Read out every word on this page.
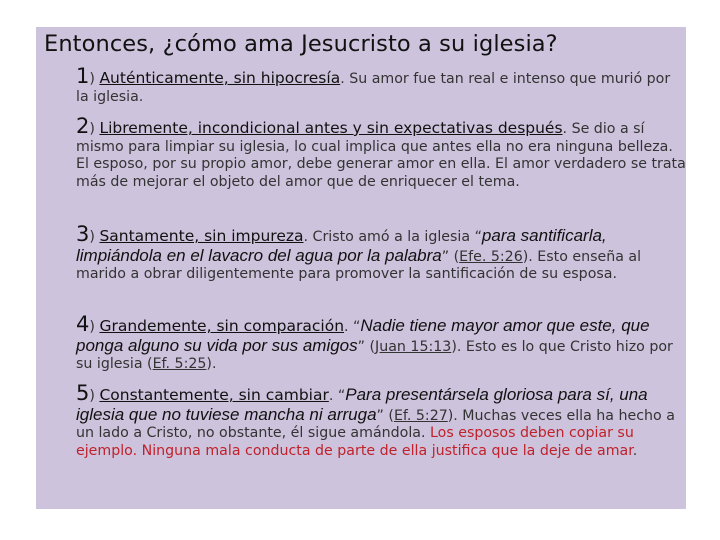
Entonces, ¿cómo ama Jesucristo a su iglesia?
1) Auténticamente, sin hipocresía. Su amor fue tan real e intenso que murió por la iglesia.
2) Libremente, incondicional antes y sin expectativas después. Se dio a sí mismo para limpiar su iglesia, lo cual implica que antes ella no era ninguna belleza. El esposo, por su propio amor, debe generar amor en ella. El amor verdadero se trata más de mejorar el objeto del amor que de enriquecer el tema.
3) Santamente, sin impureza. Cristo amó a la iglesia “para santificarla, limpiándola en el lavacro del agua por la palabra” (Efe. 5:26). Esto enseña al marido a obrar diligentemente para promover la santificación de su esposa.
4) Grandemente, sin comparación. “Nadie tiene mayor amor que este, que ponga alguno su vida por sus amigos” (Juan 15:13). Esto es lo que Cristo hizo por su iglesia (Ef. 5:25).
5) Constantemente, sin cambiar. “Para presentársela gloriosa para sí, una iglesia que no tuviese mancha ni arruga” (Ef. 5:27). Muchas veces ella ha hecho a un lado a Cristo, no obstante, él sigue amándola. Los esposos deben copiar su ejemplo. Ninguna mala conducta de parte de ella justifica que la deje de amar.
